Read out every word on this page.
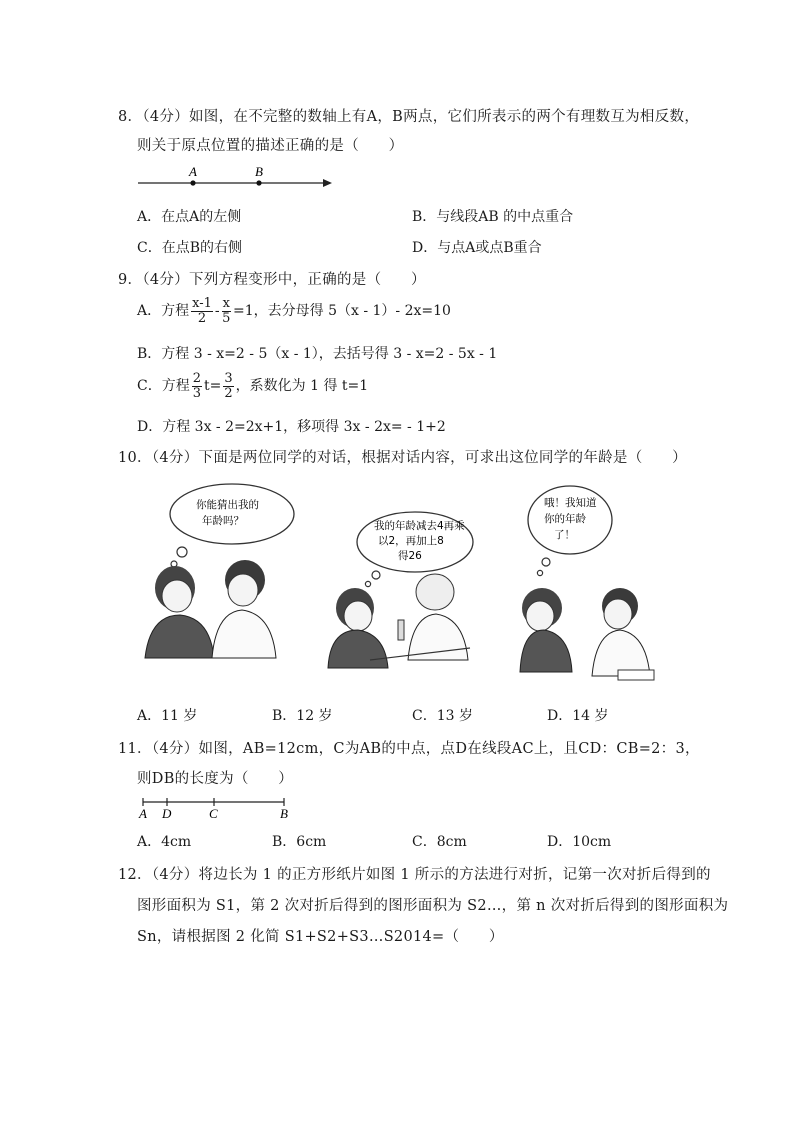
8．（4分）如图，在不完整的数轴上有A，B两点，它们所表示的两个有理数互为相反数，
则关于原点位置的描述正确的是（　　）
A	B
A．在点A的左侧	B．与线段AB 的中点重合
C．在点B的右侧	D．与点A或点B重合
9．（4分）下列方程变形中，正确的是（　　）
A．方程 $\frac{x-1}{2} - \frac{x}{5} =1$，去分母得 5（x - 1）- 2x=10
B．方程 3 - x=2 - 5（x - 1），去括号得 3 - x=2 - 5x - 1
C．方程 $\frac{2}{3} t= \frac{3}{2}$ ，系数化为 1 得 t=1
D．方程 3x - 2=2x+1，移项得 3x - 2x= - 1+2
10．（4分）下面是两位同学的对话，根据对话内容，可求出这位同学的年龄是（　　）
你能猜出我的
年龄吗？	我的年龄减去4再乘
以2，再加上8
得26
哦！我知道
你的年龄
了！
A．11 岁	B．12 岁	C．13 岁	D．14 岁
11．（4分）如图，AB=12cm，C为AB的中点，点D在线段AC上，且CD：CB=2：3，
则DB的长度为（　　）
A D	C	B
A．4cm	B．6cm	C．8cm	D．10cm
12．（4分）将边长为 1 的正方形纸片如图 1 所示的方法进行对折，记第一次对折后得到的
图形面积为 S1，第 2 次对折后得到的图形面积为 S2…，第 n 次对折后得到的图形面积为
Sn，请根据图 2 化简 S1+S2+S3…S2014=（　　）
